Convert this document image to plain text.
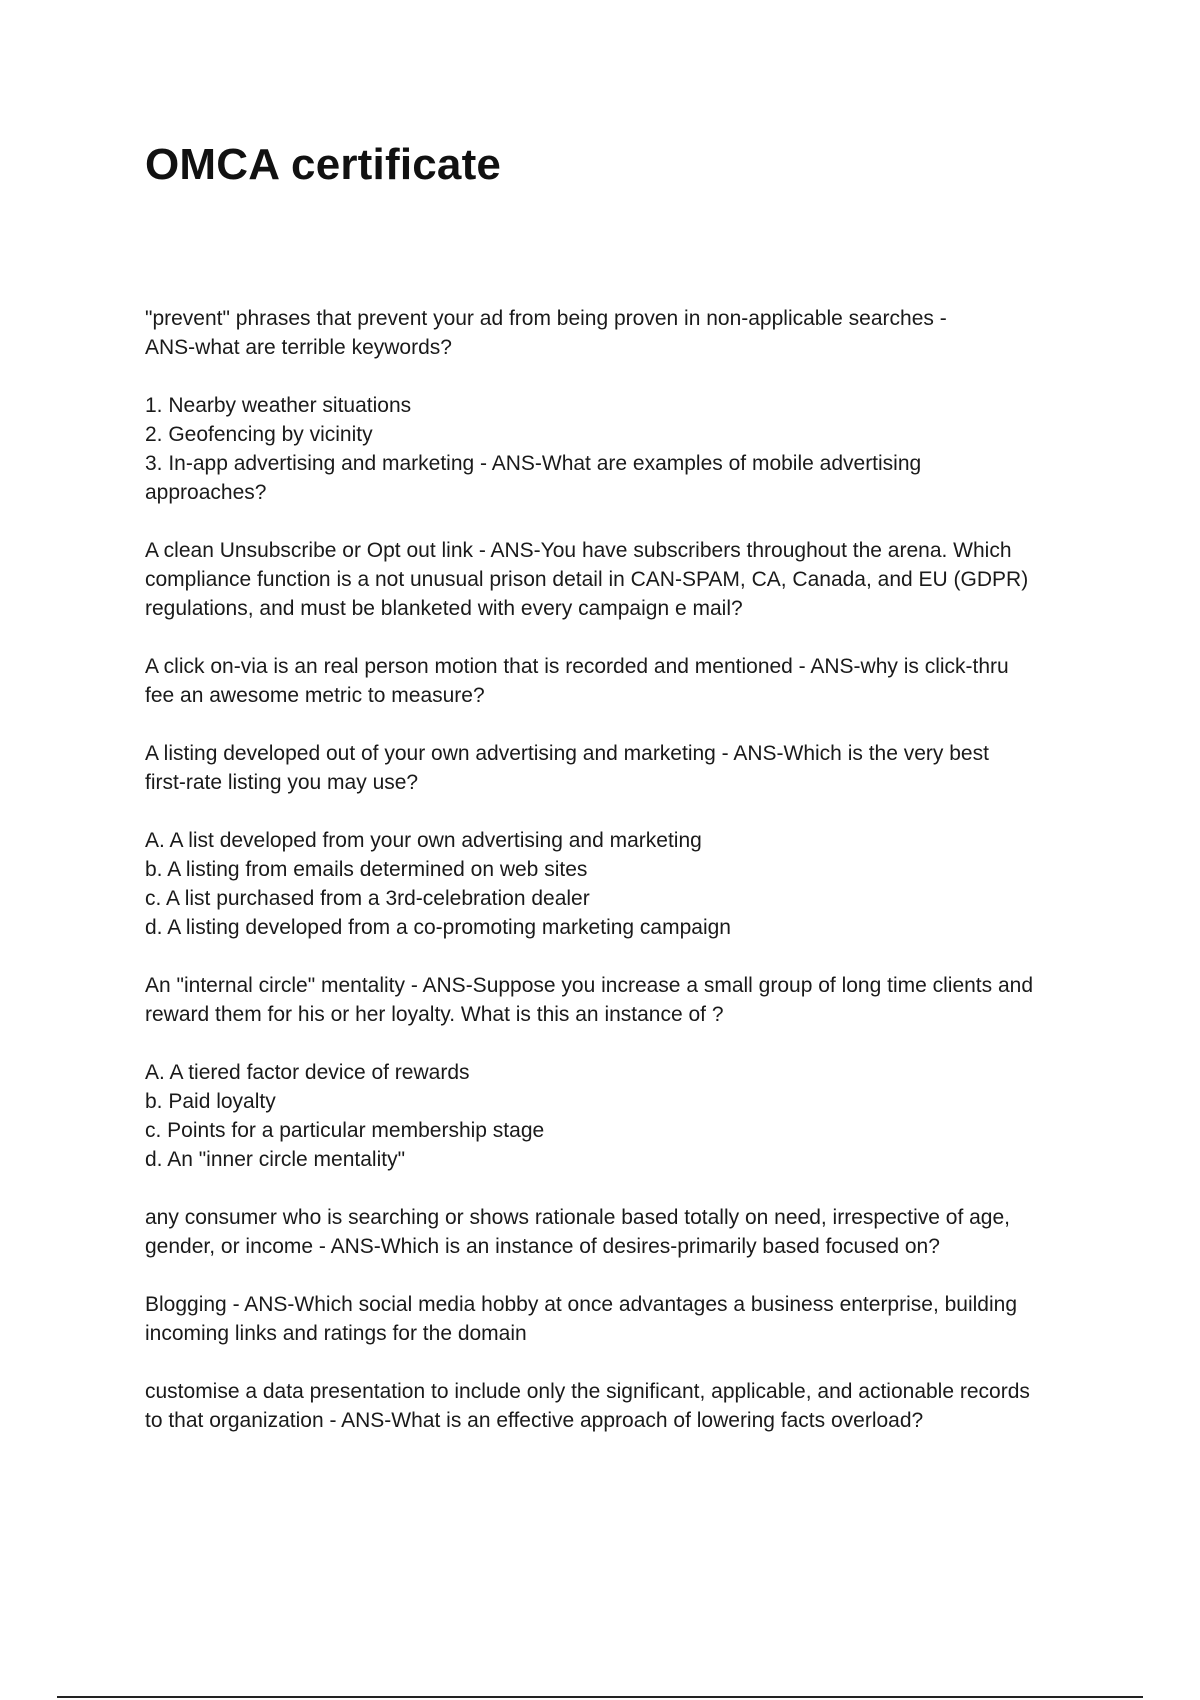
OMCA certificate

"prevent" phrases that prevent your ad from being proven in non-applicable searches -
ANS-what are terrible keywords?

1. Nearby weather situations
2. Geofencing by vicinity
3. In-app advertising and marketing - ANS-What are examples of mobile advertising
approaches?

A clean Unsubscribe or Opt out link - ANS-You have subscribers throughout the arena. Which
compliance function is a not unusual prison detail in CAN-SPAM, CA, Canada, and EU (GDPR)
regulations, and must be blanketed with every campaign e mail?

A click on-via is an real person motion that is recorded and mentioned - ANS-why is click-thru
fee an awesome metric to measure?

A listing developed out of your own advertising and marketing - ANS-Which is the very best
first-rate listing you may use?

A. A list developed from your own advertising and marketing
b. A listing from emails determined on web sites
c. A list purchased from a 3rd-celebration dealer
d. A listing developed from a co-promoting marketing campaign

An "internal circle" mentality - ANS-Suppose you increase a small group of long time clients and
reward them for his or her loyalty. What is this an instance of ?

A. A tiered factor device of rewards
b. Paid loyalty
c. Points for a particular membership stage
d. An "inner circle mentality"

any consumer who is searching or shows rationale based totally on need, irrespective of age,
gender, or income - ANS-Which is an instance of desires-primarily based focused on?

Blogging - ANS-Which social media hobby at once advantages a business enterprise, building
incoming links and ratings for the domain

customise a data presentation to include only the significant, applicable, and actionable records
to that organization - ANS-What is an effective approach of lowering facts overload?
